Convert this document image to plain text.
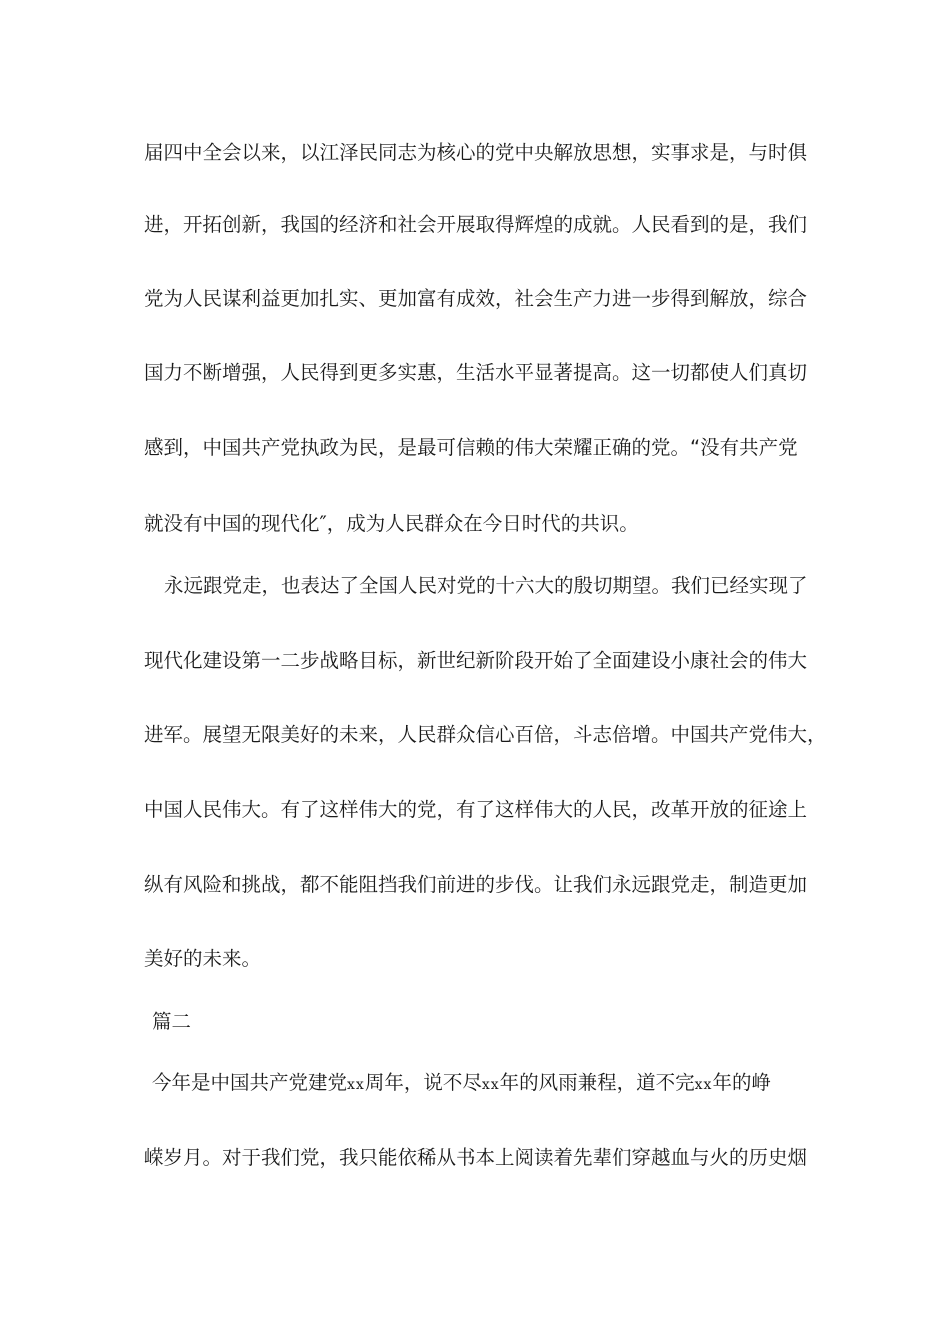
届四中全会以来，以江泽民同志为核心的党中央解放思想，实事求是，与时俱
进，开拓创新，我国的经济和社会开展取得辉煌的成就。人民看到的是，我们
党为人民谋利益更加扎实、更加富有成效，社会生产力进一步得到解放，综合
国力不断增强，人民得到更多实惠，生活水平显著提高。这一切都使人们真切
感到，中国共产党执政为民，是最可信赖的伟大荣耀正确的党。“没有共产党
就没有中国的现代化″，成为人民群众在今日时代的共识。
永远跟党走，也表达了全国人民对党的十六大的殷切期望。我们已经实现了
现代化建设第一二步战略目标，新世纪新阶段开始了全面建设小康社会的伟大
进军。展望无限美好的未来，人民群众信心百倍，斗志倍增。中国共产党伟大，
中国人民伟大。有了这样伟大的党，有了这样伟大的人民，改革开放的征途上
纵有风险和挑战，都不能阻挡我们前进的步伐。让我们永远跟党走，制造更加
美好的未来。
篇二
今年是中国共产党建党xx周年，说不尽xx年的风雨兼程，道不完xx年的峥
嵘岁月。对于我们党，我只能依稀从书本上阅读着先辈们穿越血与火的历史烟
